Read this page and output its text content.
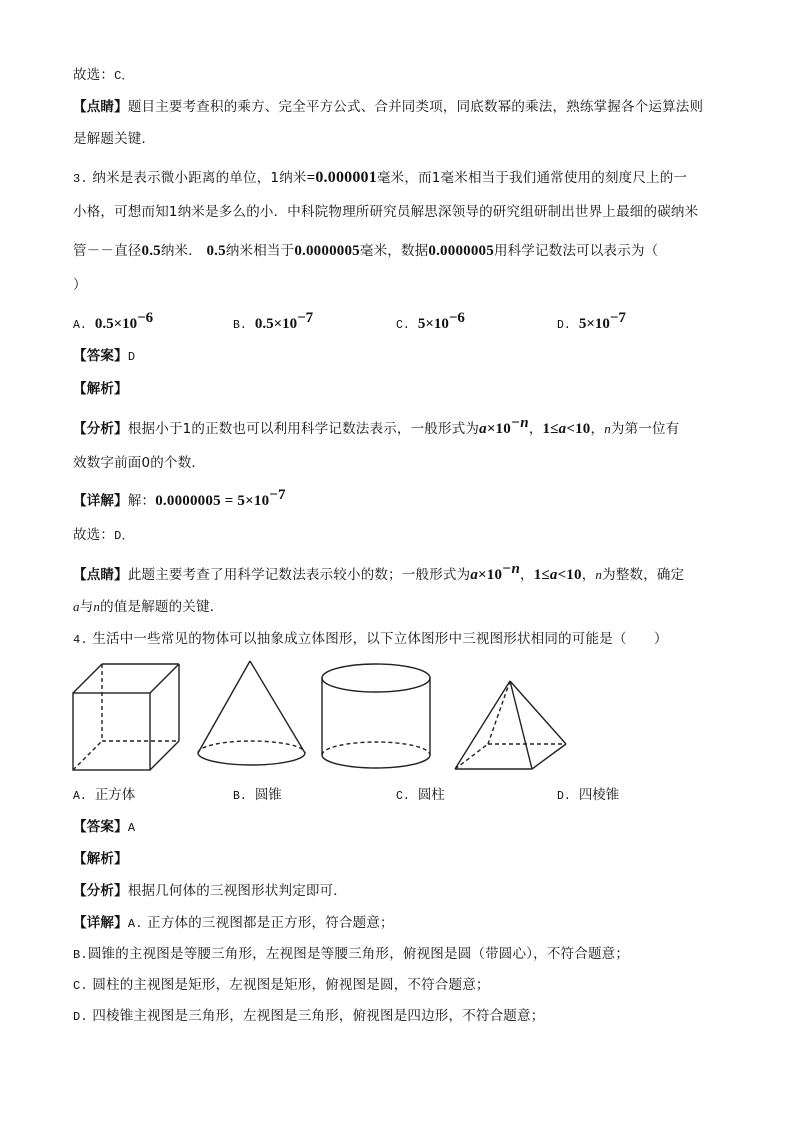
故选：C．
【点睛】题目主要考查积的乘方、完全平方公式、合并同类项，同底数幂的乘法，熟练掌握各个运算法则
是解题关键．
3. 纳米是表示微小距离的单位，1纳米=0.000001毫米，而1毫米相当于我们通常使用的刻度尺上的一
小格，可想而知1纳米是多么的小．中科院物理所研究员解思深领导的研究组研制出世界上最细的碳纳米
管－－直径0.5纳米． 0.5纳米相当于0.0000005毫米，数据0.0000005用科学记数法可以表示为（
）
A. $0.5\times 10^{-6}$	B. $0.5\times 10^{-7}$	C. $5\times 10^{-6}$	D. $5\times 10^{-7}$
【答案】D
【解析】
【分析】根据小于1的正数也可以利用科学记数法表示，一般形式为$a\times 10^{-n}$，1≤a<10，n为第一位有
效数字前面0的个数．
【详解】解：$0.0000005 = 5\times 10^{-7}$
故选：D．
【点睛】此题主要考查了用科学记数法表示较小的数；一般形式为$a\times 10^{-n}$，1≤a<10，n为整数，确定
a与n的值是解题的关键．
4. 生活中一些常见的物体可以抽象成立体图形，以下立体图形中三视图形状相同的可能是（　　）
A. 正方体	B. 圆锥	C. 圆柱	D. 四棱锥
【答案】A
【解析】
【分析】根据几何体的三视图形状判定即可．
【详解】A. 正方体的三视图都是正方形，符合题意；
B.圆锥的主视图是等腰三角形，左视图是等腰三角形，俯视图是圆（带圆心），不符合题意；
C. 圆柱的主视图是矩形，左视图是矩形，俯视图是圆，不符合题意；
D. 四棱锥主视图是三角形，左视图是三角形，俯视图是四边形，不符合题意；
